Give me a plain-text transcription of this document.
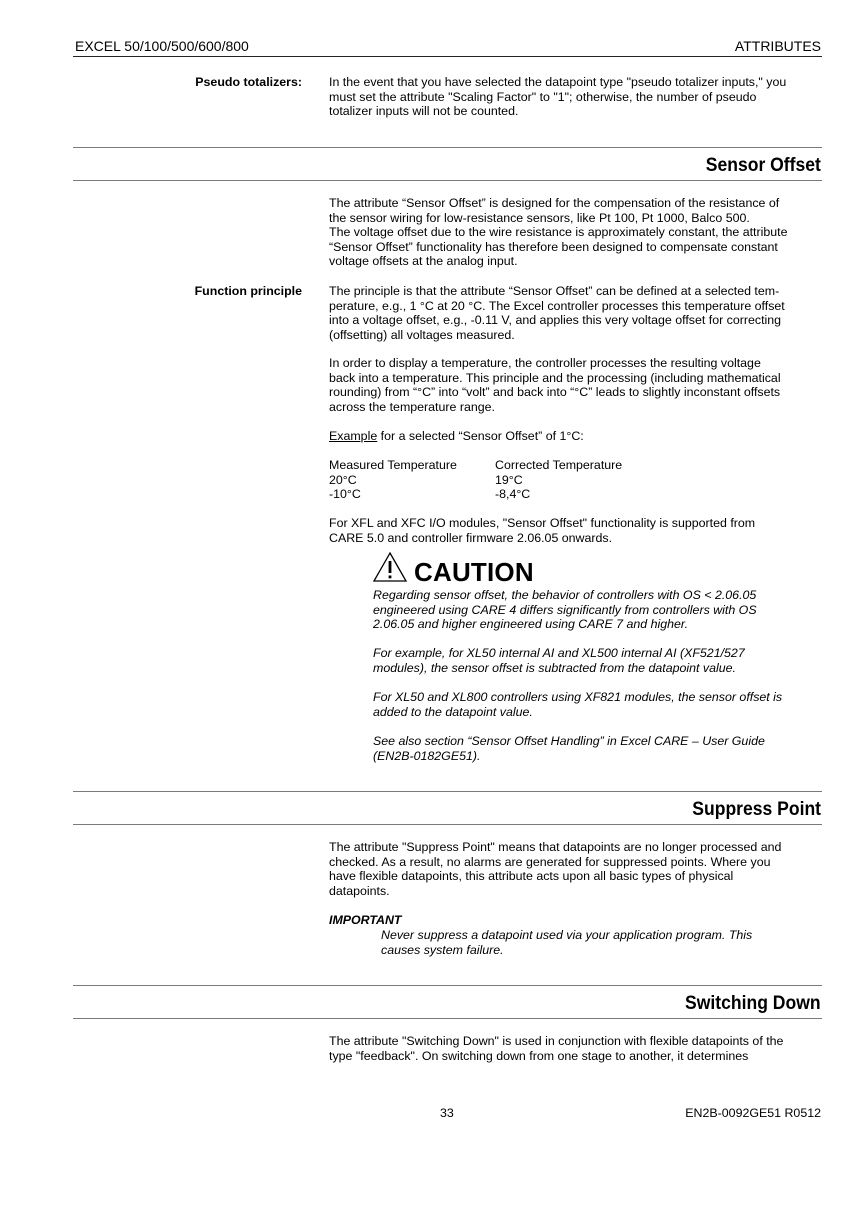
EXCEL 50/100/500/600/800	ATTRIBUTES
Pseudo totalizers: In the event that you have selected the datapoint type "pseudo totalizer inputs," you
must set the attribute "Scaling Factor" to "1"; otherwise, the number of pseudo
totalizer inputs will not be counted.
Sensor Offset
The attribute “Sensor Offset” is designed for the compensation of the resistance of
the sensor wiring for low-resistance sensors, like Pt 100, Pt 1000, Balco 500.
The voltage offset due to the wire resistance is approximately constant, the attribute
“Sensor Offset” functionality has therefore been designed to compensate constant
voltage offsets at the analog input.
Function principle The principle is that the attribute “Sensor Offset” can be defined at a selected tem-
perature, e.g., 1 °C at 20 °C. The Excel controller processes this temperature offset
into a voltage offset, e.g., -0.11 V, and applies this very voltage offset for correcting
(offsetting) all voltages measured.
In order to display a temperature, the controller processes the resulting voltage
back into a temperature. This principle and the processing (including mathematical
rounding) from “°C” into “volt” and back into “°C” leads to slightly inconstant offsets
across the temperature range.
Example for a selected “Sensor Offset” of 1°C:
Measured Temperature	Corrected Temperature
20°C	19°C
-10°C	-8,4°C
For XFL and XFC I/O modules, "Sensor Offset" functionality is supported from
CARE 5.0 and controller firmware 2.06.05 onwards.
CAUTION
Regarding sensor offset, the behavior of controllers with OS < 2.06.05
engineered using CARE 4 differs significantly from controllers with OS
2.06.05 and higher engineered using CARE 7 and higher.
For example, for XL50 internal AI and XL500 internal AI (XF521/527
modules), the sensor offset is subtracted from the datapoint value.
For XL50 and XL800 controllers using XF821 modules, the sensor offset is
added to the datapoint value.
See also section “Sensor Offset Handling” in Excel CARE – User Guide
(EN2B-0182GE51).
Suppress Point
The attribute "Suppress Point" means that datapoints are no longer processed and
checked. As a result, no alarms are generated for suppressed points. Where you
have flexible datapoints, this attribute acts upon all basic types of physical
datapoints.
IMPORTANT
Never suppress a datapoint used via your application program. This
causes system failure.
Switching Down
The attribute "Switching Down" is used in conjunction with flexible datapoints of the
type "feedback". On switching down from one stage to another, it determines
33	EN2B-0092GE51 R0512
